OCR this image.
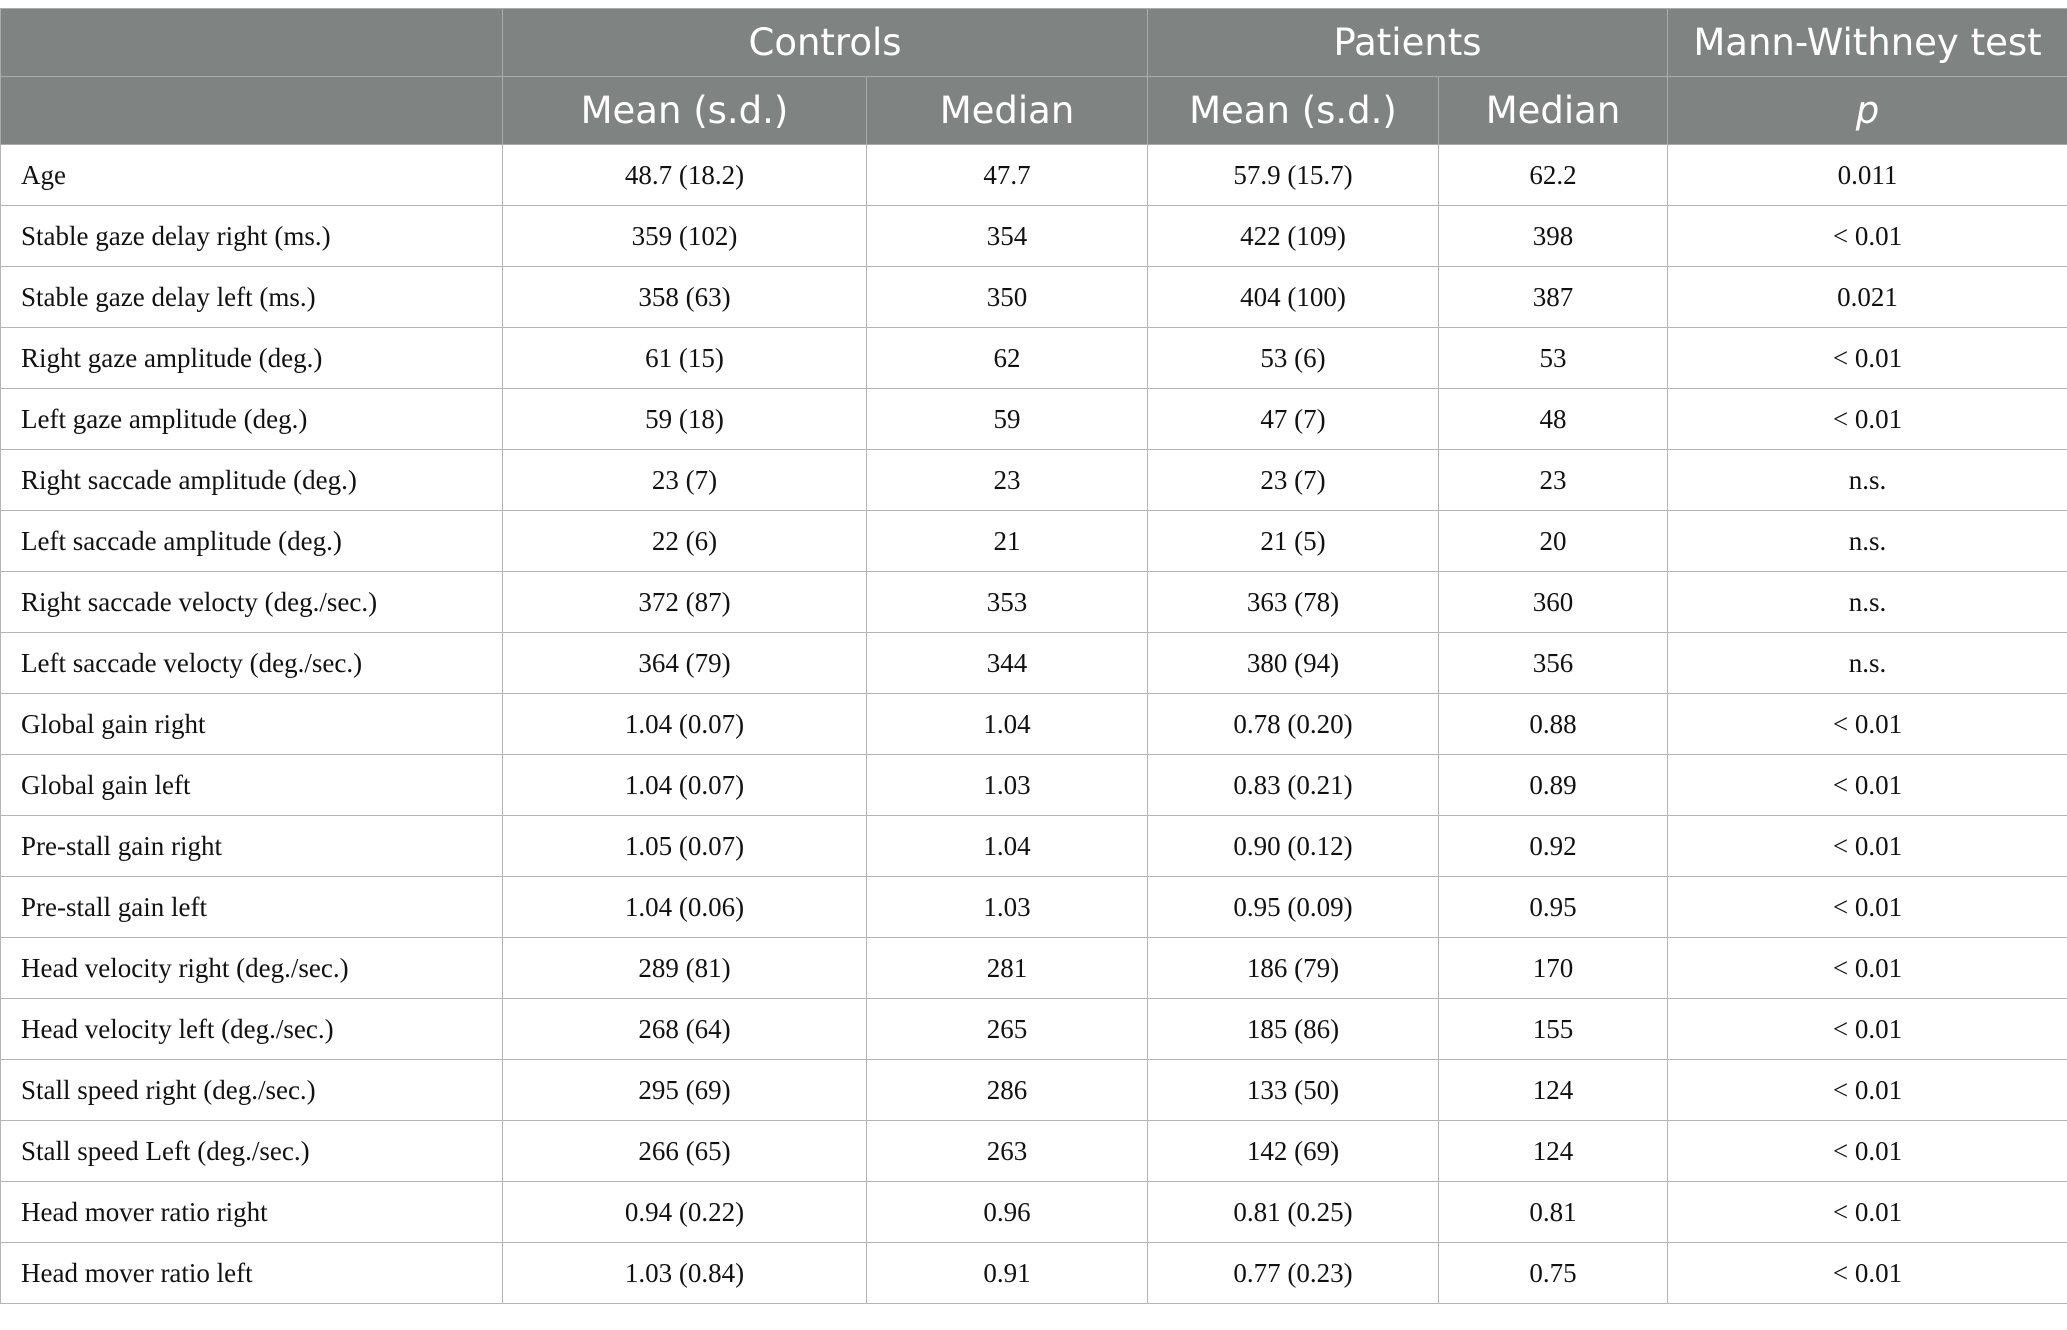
	Controls		Patients		Mann-Withney test
	Mean (s.d.)	Median	Mean (s.d.)	Median	p
Age	48.7 (18.2)	47.7	57.9 (15.7)	62.2	0.011
Stable gaze delay right (ms.)	359 (102)	354	422 (109)	398	< 0.01
Stable gaze delay left (ms.)	358 (63)	350	404 (100)	387	0.021
Right gaze amplitude (deg.)	61 (15)	62	53 (6)	53	< 0.01
Left gaze amplitude (deg.)	59 (18)	59	47 (7)	48	< 0.01
Right saccade amplitude (deg.)	23 (7)	23	23 (7)	23	n.s.
Left saccade amplitude (deg.)	22 (6)	21	21 (5)	20	n.s.
Right saccade velocty (deg./sec.)	372 (87)	353	363 (78)	360	n.s.
Left saccade velocty (deg./sec.)	364 (79)	344	380 (94)	356	n.s.
Global gain right	1.04 (0.07)	1.04	0.78 (0.20)	0.88	< 0.01
Global gain left	1.04 (0.07)	1.03	0.83 (0.21)	0.89	< 0.01
Pre-stall gain right	1.05 (0.07)	1.04	0.90 (0.12)	0.92	< 0.01
Pre-stall gain left	1.04 (0.06)	1.03	0.95 (0.09)	0.95	< 0.01
Head velocity right (deg./sec.)	289 (81)	281	186 (79)	170	< 0.01
Head velocity left (deg./sec.)	268 (64)	265	185 (86)	155	< 0.01
Stall speed right (deg./sec.)	295 (69)	286	133 (50)	124	< 0.01
Stall speed Left (deg./sec.)	266 (65)	263	142 (69)	124	< 0.01
Head mover ratio right	0.94 (0.22)	0.96	0.81 (0.25)	0.81	< 0.01
Head mover ratio left	1.03 (0.84)	0.91	0.77 (0.23)	0.75	< 0.01
